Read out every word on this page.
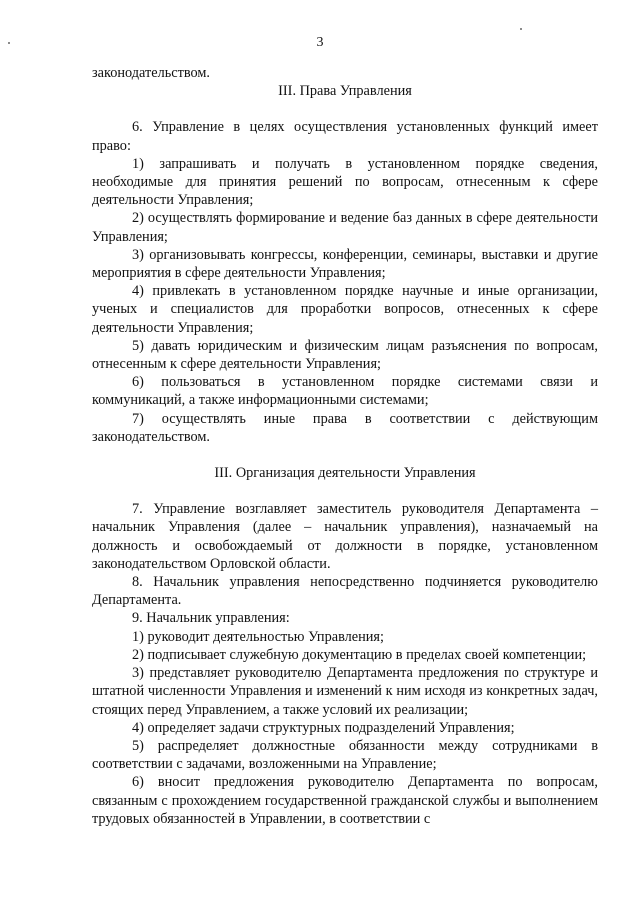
3

законодательством.

III. Права Управления

6. Управление в целях осуществления установленных функций имеет право:

1) запрашивать и получать в установленном порядке сведения, необходимые для принятия решений по вопросам, отнесенным к сфере деятельности Управления;

2) осуществлять формирование и ведение баз данных в сфере деятельности Управления;

3) организовывать конгрессы, конференции, семинары, выставки и другие мероприятия в сфере деятельности Управления;

4) привлекать в установленном порядке научные и иные организации, ученых и специалистов для проработки вопросов, отнесенных к сфере деятельности Управления;

5) давать юридическим и физическим лицам разъяснения по вопросам, отнесенным к сфере деятельности Управления;

6) пользоваться в установленном порядке системами связи и коммуникаций, а также информационными системами;

7) осуществлять иные права в соответствии с действующим законодательством.

III. Организация деятельности Управления

7. Управление возглавляет заместитель руководителя Департамента – начальник Управления (далее – начальник управления), назначаемый на должность и освобождаемый от должности в порядке, установленном законодательством Орловской области.

8. Начальник управления непосредственно подчиняется руководителю Департамента.

9. Начальник управления:

1) руководит деятельностью Управления;

2) подписывает служебную документацию в пределах своей компетенции;

3) представляет руководителю Департамента предложения по структуре и штатной численности Управления и изменений к ним исходя из конкретных задач, стоящих перед Управлением, а также условий их реализации;

4) определяет задачи структурных подразделений Управления;

5) распределяет должностные обязанности между сотрудниками в соответствии с задачами, возложенными на Управление;

6) вносит предложения руководителю Департамента по вопросам, связанным с прохождением государственной гражданской службы и выполнением трудовых обязанностей в Управлении, в соответствии с
